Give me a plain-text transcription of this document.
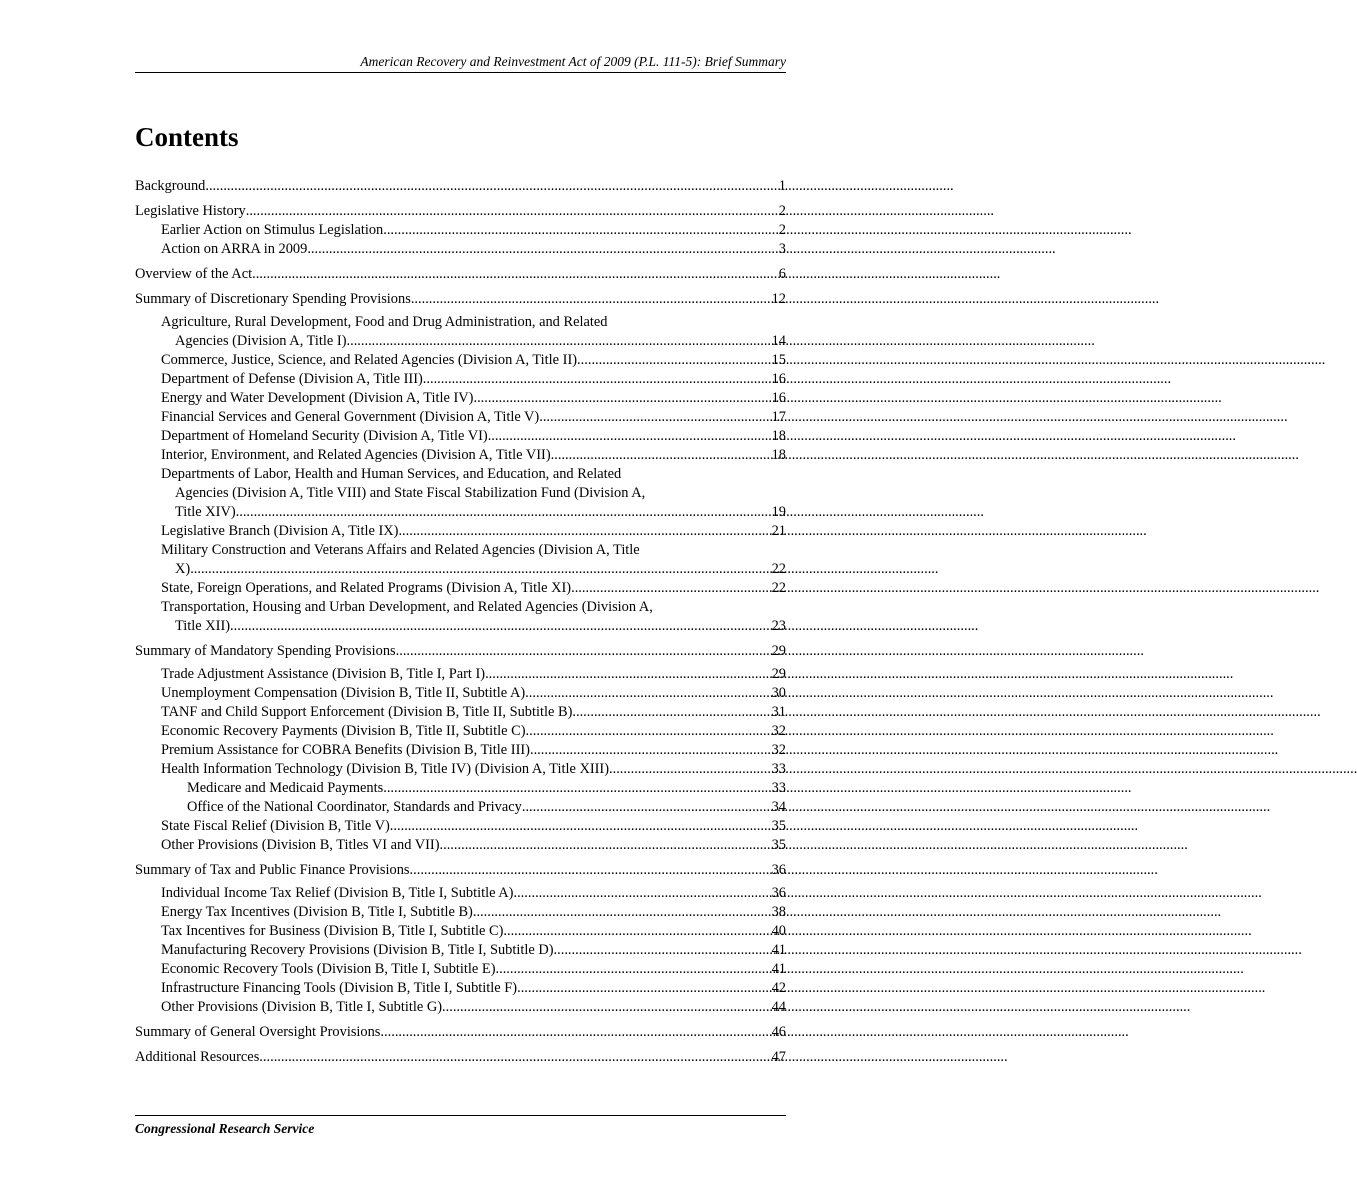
American Recovery and Reinvestment Act of 2009 (P.L. 111-5): Brief Summary
Contents
Background .....	1
Legislative History .....	2
Earlier Action on Stimulus Legislation .....	2
Action on ARRA in 2009 .....	3
Overview of the Act .....	6
Summary of Discretionary Spending Provisions .....	12
Agriculture, Rural Development, Food and Drug Administration, and Related
Agencies (Division A, Title I) .....	14
Commerce, Justice, Science, and Related Agencies (Division A, Title II) .....	15
Department of Defense (Division A, Title III) .....	16
Energy and Water Development (Division A, Title IV) .....	16
Financial Services and General Government (Division A, Title V) .....	17
Department of Homeland Security (Division A, Title VI) .....	18
Interior, Environment, and Related Agencies (Division A, Title VII) .....	18
Departments of Labor, Health and Human Services, and Education, and Related
Agencies (Division A, Title VIII) and State Fiscal Stabilization Fund (Division A,
Title XIV) .....	19
Legislative Branch (Division A, Title IX) .....	21
Military Construction and Veterans Affairs and Related Agencies (Division A, Title
X) .....	22
State, Foreign Operations, and Related Programs (Division A, Title XI) .....	22
Transportation, Housing and Urban Development, and Related Agencies (Division A,
Title XII) .....	23
Summary of Mandatory Spending Provisions .....	29
Trade Adjustment Assistance (Division B, Title I, Part I) .....	29
Unemployment Compensation (Division B, Title II, Subtitle A) .....	30
TANF and Child Support Enforcement (Division B, Title II, Subtitle B) .....	31
Economic Recovery Payments (Division B, Title II, Subtitle C) .....	32
Premium Assistance for COBRA Benefits (Division B, Title III) .....	32
Health Information Technology (Division B, Title IV) (Division A, Title XIII) .....	33
Medicare and Medicaid Payments .....	33
Office of the National Coordinator, Standards and Privacy .....	34
State Fiscal Relief (Division B, Title V) .....	35
Other Provisions (Division B, Titles VI and VII) .....	35
Summary of Tax and Public Finance Provisions .....	36
Individual Income Tax Relief (Division B, Title I, Subtitle A) .....	36
Energy Tax Incentives (Division B, Title I, Subtitle B) .....	38
Tax Incentives for Business (Division B, Title I, Subtitle C) .....	40
Manufacturing Recovery Provisions (Division B, Title I, Subtitle D) .....	41
Economic Recovery Tools (Division B, Title I, Subtitle E) .....	41
Infrastructure Financing Tools (Division B, Title I, Subtitle F) .....	42
Other Provisions (Division B, Title I, Subtitle G) .....	44
Summary of General Oversight Provisions .....	46
Additional Resources .....	47
Congressional Research Service
